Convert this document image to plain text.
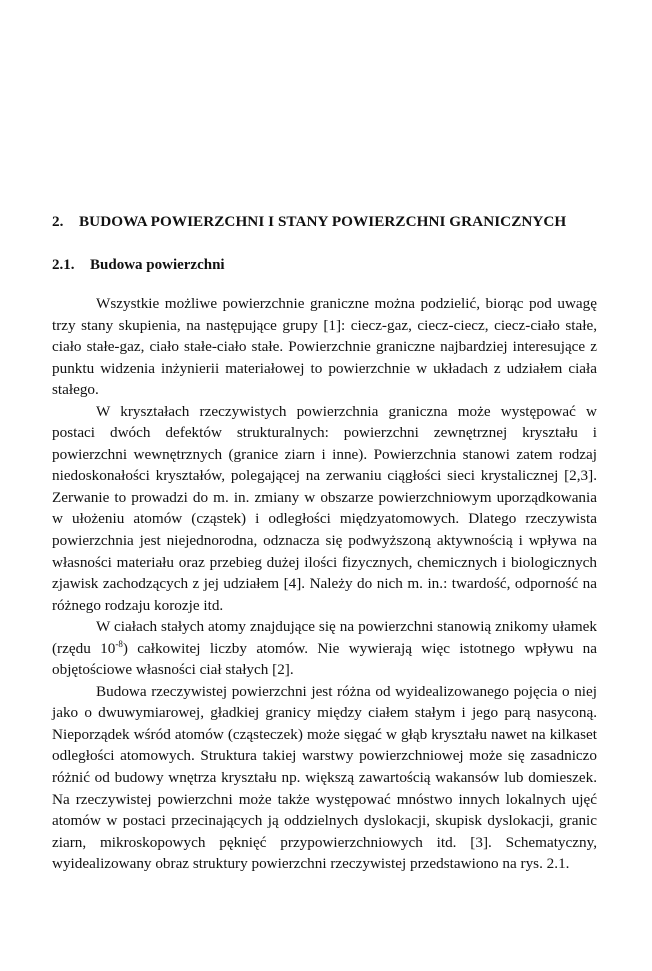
2. BUDOWA POWIERZCHNI I STANY POWIERZCHNI GRANICZNYCH
2.1. Budowa powierzchni

Wszystkie możliwe powierzchnie graniczne można podzielić, biorąc pod uwagę trzy stany skupienia, na następujące grupy [1]: ciecz-gaz, ciecz-ciecz, ciecz-ciało stałe, ciało stałe-gaz, ciało stałe-ciało stałe. Powierzchnie graniczne najbardziej interesujące z punktu widzenia inżynierii materiałowej to powierzchnie w układach z udziałem ciała stałego.

W kryształach rzeczywistych powierzchnia graniczna może występować w postaci dwóch defektów strukturalnych: powierzchni zewnętrznej kryształu i powierzchni wewnętrznych (granice ziarn i inne). Powierzchnia stanowi zatem rodzaj niedoskonałości kryształów, polegającej na zerwaniu ciągłości sieci krystalicznej [2,3]. Zerwanie to prowadzi do m. in. zmiany w obszarze powierzchniowym uporządkowania w ułożeniu atomów (cząstek) i odległości międzyatomowych. Dlatego rzeczywista powierzchnia jest niejednorodna, odznacza się podwyższoną aktywnością i wpływa na własności materiału oraz przebieg dużej ilości fizycznych, chemicznych i biologicznych zjawisk zachodzących z jej udziałem [4]. Należy do nich m. in.: twardość, odporność na różnego rodzaju korozje itd.

W ciałach stałych atomy znajdujące się na powierzchni stanowią znikomy ułamek (rzędu $10^{-8}$) całkowitej liczby atomów. Nie wywierają więc istotnego wpływu na objętościowe własności ciał stałych [2].

Budowa rzeczywistej powierzchni jest różna od wyidealizowanego pojęcia o niej jako o dwuwymiarowej, gładkiej granicy między ciałem stałym i jego parą nasyconą. Nieporządek wśród atomów (cząsteczek) może sięgać w głąb kryształu nawet na kilkaset odległości atomowych. Struktura takiej warstwy powierzchniowej może się zasadniczo różnić od budowy wnętrza kryształu np. większą zawartością wakansów lub domieszek. Na rzeczywistej powierzchni może także występować mnóstwo innych lokalnych ujęć atomów w postaci przecinających ją oddzielnych dyslokacji, skupisk dyslokacji, granic ziarn, mikroskopowych pęknięć przypowierzchniowych itd. [3]. Schematyczny, wyidealizowany obraz struktury powierzchni rzeczywistej przedstawiono na rys. 2.1.
